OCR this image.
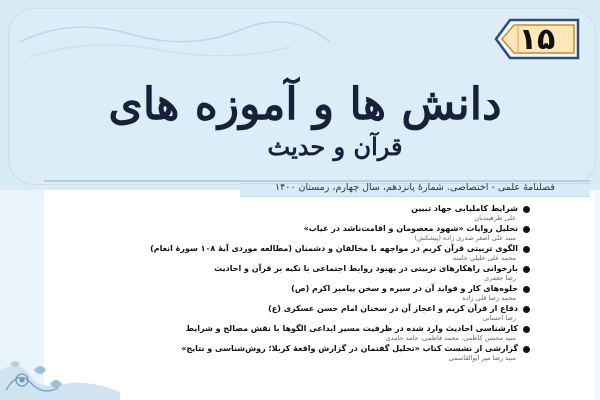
۱۵
دانش ها و آموزه های
قرآن و حدیث
فصلنامهٔ علمی - اختصاصی. شمارهٔ پانزدهم، سال چهارم، زمستان ۱۴۰۰
شرایط کاملیابی جهاد تبیین
علی طرهبندیان
تحلیل روایات «شهود معصومان و اقامت‌ناشد در غیاب»
سید علی اصغر صدری زاده (پیشکش)
الگوی تربیتی قرآن کریم در مواجهه با مخالفان و دشمنان (مطالعه موردی آیهٔ ۱۰۸ سورهٔ انعام)
محمد علی خلیلی خامنه
بازخوانی راهکارهای تربیتی در بهبود روابط اجتماعی با تکیه بر قرآن و احادیث
رضا جعفری
جلوه‌های کار و فواید آن در سیره و سخن پیامبر اکرم (ص)
محمد رضا قلی زاده
دفاع از قرآن کریم و اعجاز آن در سخنان امام حسن عسکری (ع)
رضا احسانی
کارشناسی احادیث وارد شده در ظرفیت مسیر ابداعی الگوها با نقش مصالح و شرایط
سید محسن کاظمی، محمد فاطمی، حامد حامدی
گزارشی از نشست کتاب «تحلیل گفتمان در گزارش واقعهٔ کربلا؛ روش‌شناسی و نتایج»
سید رضا میر ابوالقاسمی
